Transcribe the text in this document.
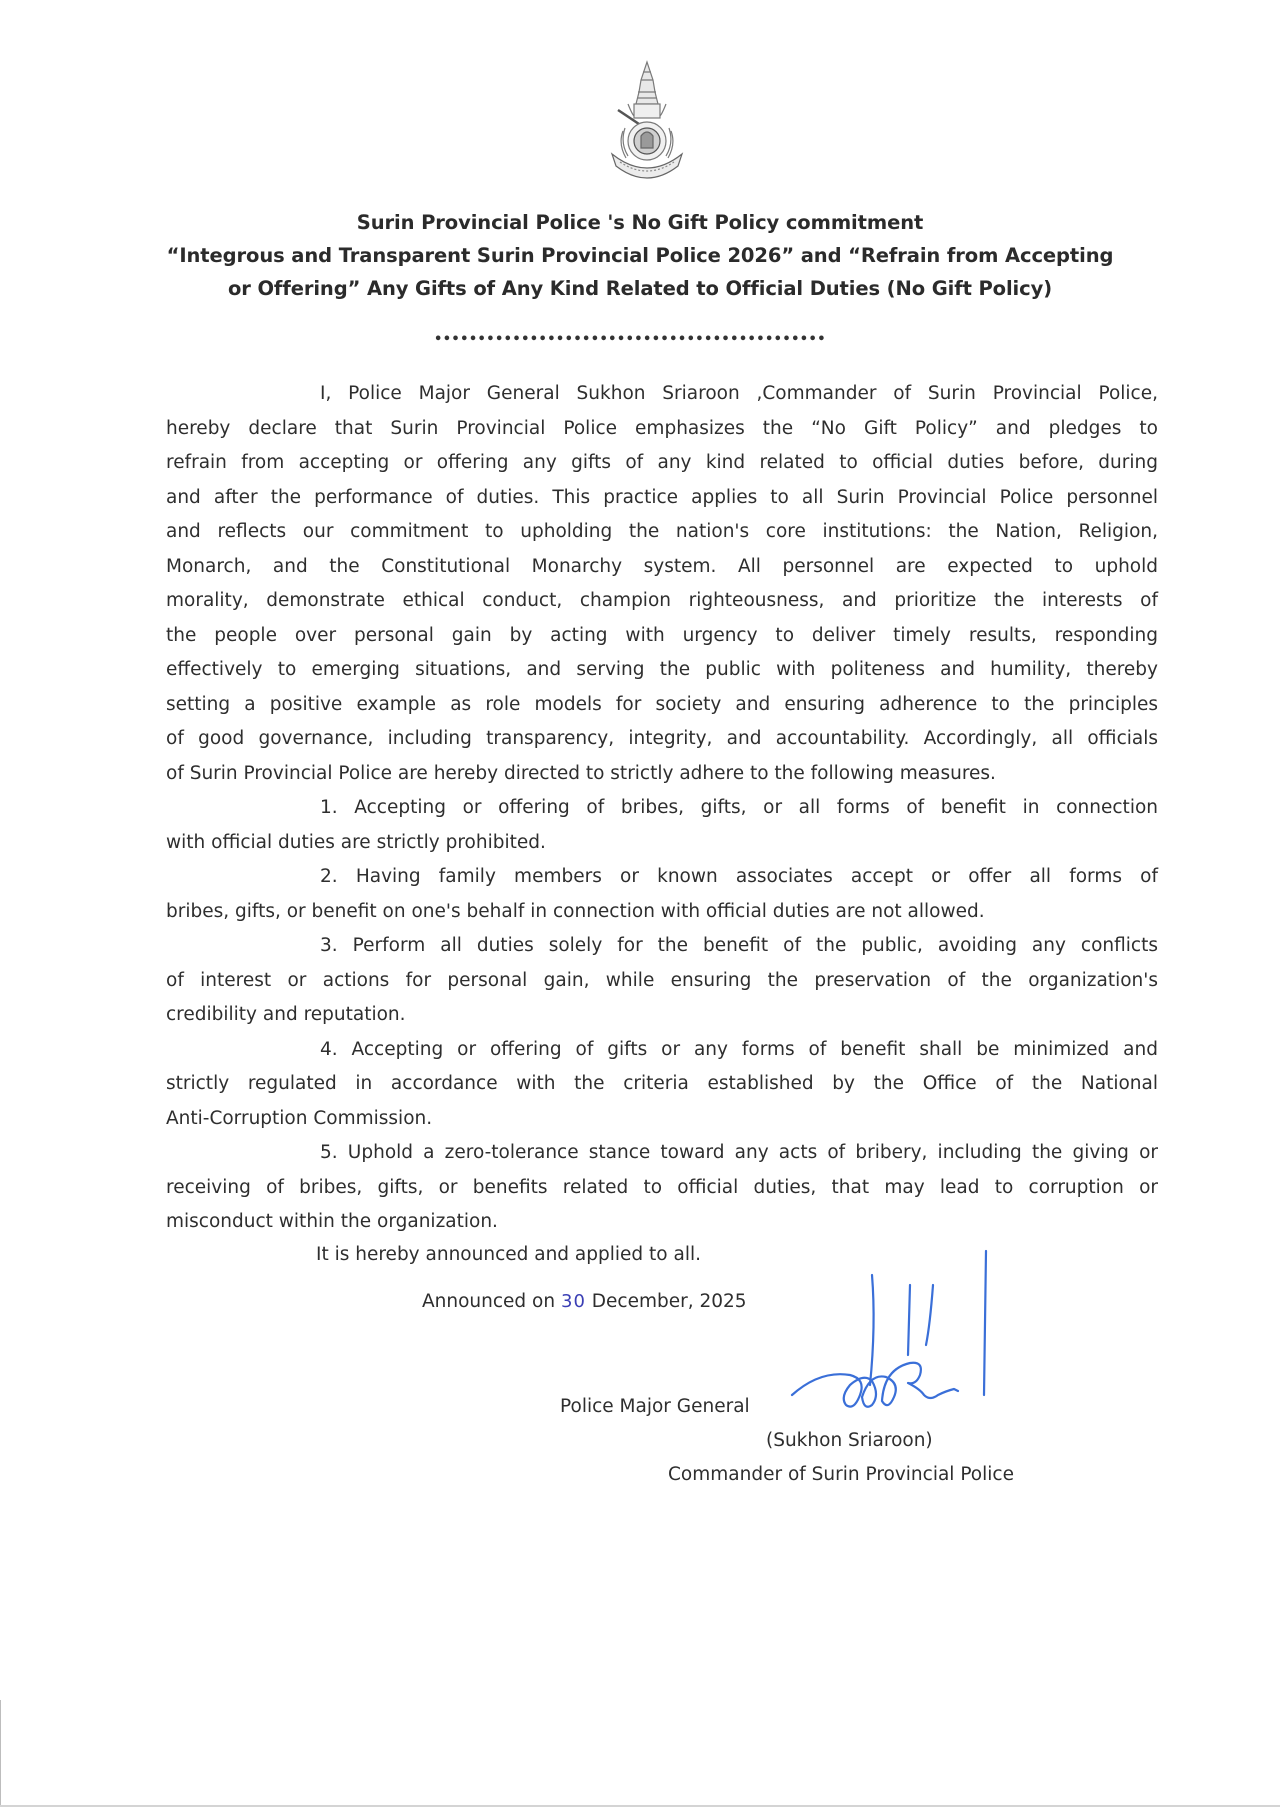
Surin Provincial Police 's No Gift Policy commitment
“Integrous and Transparent Surin Provincial Police 2026” and “Refrain from Accepting
or Offering” Any Gifts of Any Kind Related to Official Duties (No Gift Policy)
•••••••••••••••••••••••••••••••••••••••••••••
I, Police Major General Sukhon Sriaroon ,Commander of Surin Provincial Police,
hereby declare that Surin Provincial Police emphasizes the “No Gift Policy” and pledges to
refrain from accepting or offering any gifts of any kind related to official duties before, during
and after the performance of duties. This practice applies to all Surin Provincial Police personnel
and reflects our commitment to upholding the nation's core institutions: the Nation, Religion,
Monarch, and the Constitutional Monarchy system. All personnel are expected to uphold
morality, demonstrate ethical conduct, champion righteousness, and prioritize the interests of
the people over personal gain by acting with urgency to deliver timely results, responding
effectively to emerging situations, and serving the public with politeness and humility, thereby
setting a positive example as role models for society and ensuring adherence to the principles
of good governance, including transparency, integrity, and accountability. Accordingly, all officials
of Surin Provincial Police are hereby directed to strictly adhere to the following measures.
1. Accepting or offering of bribes, gifts, or all forms of benefit in connection
with official duties are strictly prohibited.
2. Having family members or known associates accept or offer all forms of
bribes, gifts, or benefit on one's behalf in connection with official duties are not allowed.
3. Perform all duties solely for the benefit of the public, avoiding any conflicts
of interest or actions for personal gain, while ensuring the preservation of the organization's
credibility and reputation.
4. Accepting or offering of gifts or any forms of benefit shall be minimized and
strictly regulated in accordance with the criteria established by the Office of the National
Anti-Corruption Commission.
5. Uphold a zero-tolerance stance toward any acts of bribery, including the giving or
receiving of bribes, gifts, or benefits related to official duties, that may lead to corruption or
misconduct within the organization.
It is hereby announced and applied to all.
Announced on 30 December, 2025
Police Major General
(Sukhon Sriaroon)
Commander of Surin Provincial Police
